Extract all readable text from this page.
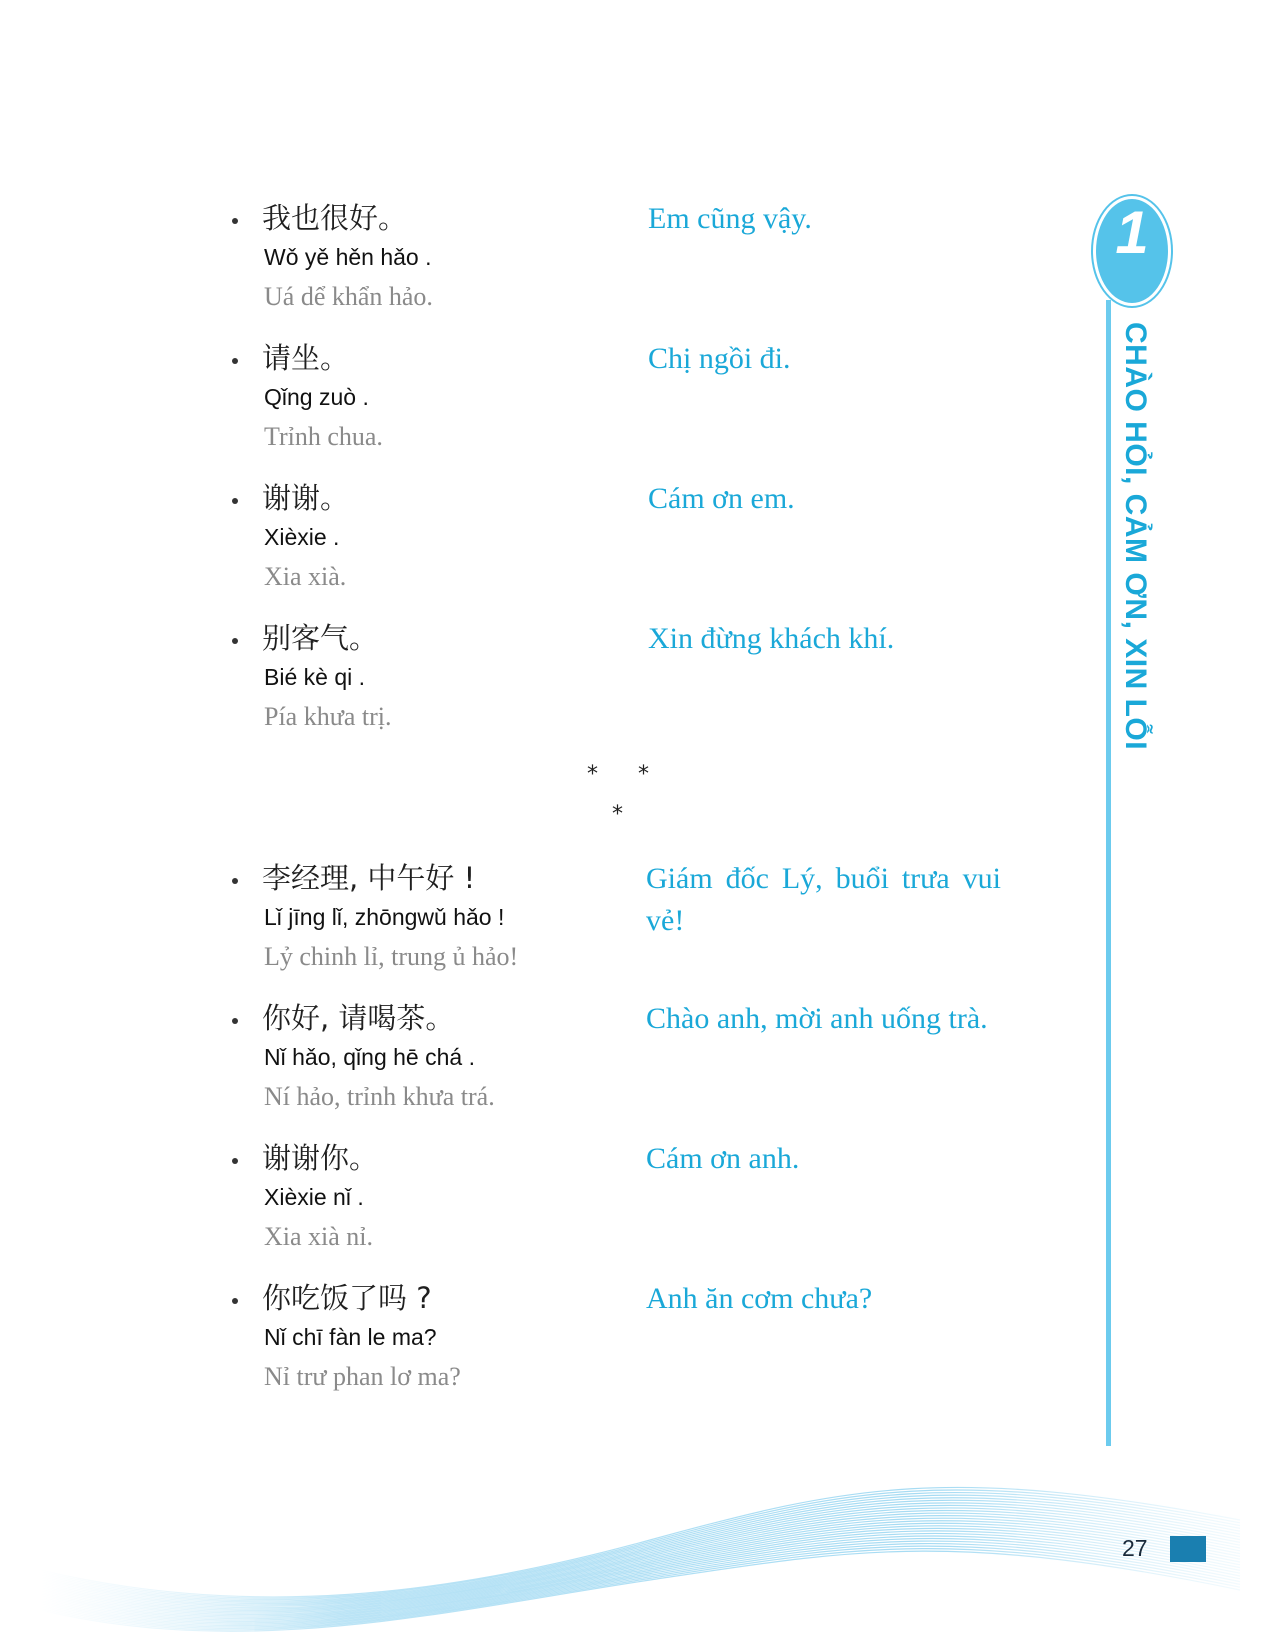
我也很好。
Wǒ yě hěn hǎo .
Uá dể khẩn hảo.
Em cũng vậy.
请坐。
Qǐng zuò .
Trỉnh chua.
Chị ngồi đi.
谢谢。
Xièxie .
Xia xià.
Cám ơn em.
别客气。
Bié kè qi .
Pía khưa trị.
Xin đừng khách khí.
* *
*
李经理, 中午好 !
Lǐ jīng lǐ, zhōngwǔ hǎo !
Lỷ chinh lỉ, trung ủ hảo!
Giám đốc Lý, buổi trưa vui vẻ!
你好, 请喝茶。
Nǐ hǎo, qǐng hē chá .
Ní hảo, trỉnh khưa trá.
Chào anh, mời anh uống trà.
谢谢你。
Xièxie nǐ .
Xia xià nỉ.
Cám ơn anh.
你吃饭了吗 ?
Nǐ chī fàn le ma?
Nỉ trư phan lơ ma?
Anh ăn cơm chưa?
1
CHÀO HỎI, CẢM ƠN, XIN LỖI
27
